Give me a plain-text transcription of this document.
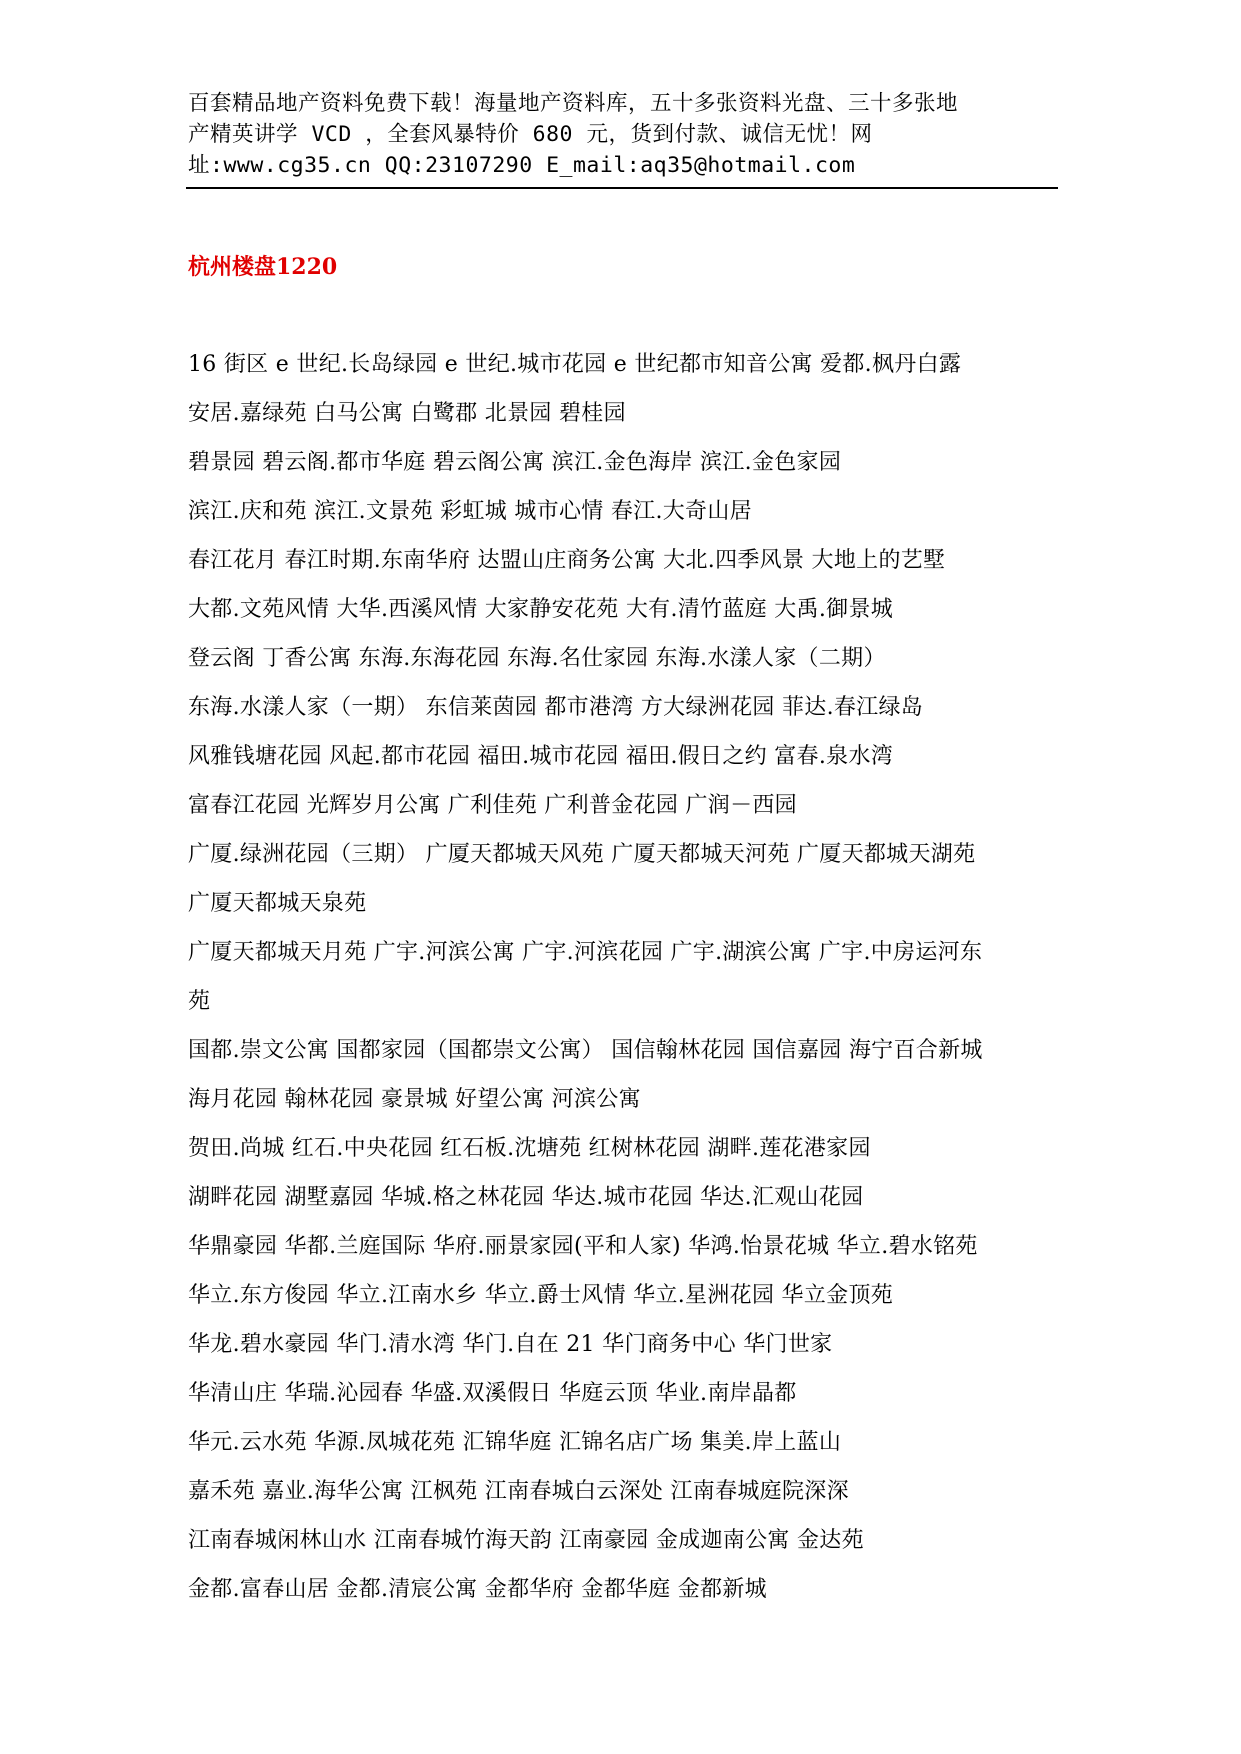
百套精品地产资料免费下载！海量地产资料库，五十多张资料光盘、三十多张地
产精英讲学 VCD ，全套风暴特价 680 元，货到付款、诚信无忧！网
址:www.cg35.cn QQ:23107290 E_mail:aq35@hotmail.com
杭州楼盘1220
16 街区 e 世纪.长岛绿园 e 世纪.城市花园 e 世纪都市知音公寓 爱都.枫丹白露
安居.嘉绿苑 白马公寓 白鹭郡 北景园 碧桂园
碧景园 碧云阁.都市华庭 碧云阁公寓 滨江.金色海岸 滨江.金色家园
滨江.庆和苑 滨江.文景苑 彩虹城 城市心情 春江.大奇山居
春江花月 春江时期.东南华府 达盟山庄商务公寓 大北.四季风景 大地上的艺墅
大都.文苑风情 大华.西溪风情 大家静安花苑 大有.清竹蓝庭 大禹.御景城
登云阁 丁香公寓 东海.东海花园 东海.名仕家园 东海.水漾人家（二期）
东海.水漾人家（一期） 东信莱茵园 都市港湾 方大绿洲花园 菲达.春江绿岛
风雅钱塘花园 风起.都市花园 福田.城市花园 福田.假日之约 富春.泉水湾
富春江花园 光辉岁月公寓 广利佳苑 广利普金花园 广润－西园
广厦.绿洲花园（三期） 广厦天都城天风苑 广厦天都城天河苑 广厦天都城天湖苑
广厦天都城天泉苑
广厦天都城天月苑 广宇.河滨公寓 广宇.河滨花园 广宇.湖滨公寓 广宇.中房运河东
苑
国都.崇文公寓 国都家园（国都崇文公寓） 国信翰林花园 国信嘉园 海宁百合新城
海月花园 翰林花园 豪景城 好望公寓 河滨公寓
贺田.尚城 红石.中央花园 红石板.沈塘苑 红树林花园 湖畔.莲花港家园
湖畔花园 湖墅嘉园 华城.格之林花园 华达.城市花园 华达.汇观山花园
华鼎豪园 华都.兰庭国际 华府.丽景家园(平和人家) 华鸿.怡景花城 华立.碧水铭苑
华立.东方俊园 华立.江南水乡 华立.爵士风情 华立.星洲花园 华立金顶苑
华龙.碧水豪园 华门.清水湾 华门.自在 21 华门商务中心 华门世家
华清山庄 华瑞.沁园春 华盛.双溪假日 华庭云顶 华业.南岸晶都
华元.云水苑 华源.凤城花苑 汇锦华庭 汇锦名店广场 集美.岸上蓝山
嘉禾苑 嘉业.海华公寓 江枫苑 江南春城白云深处 江南春城庭院深深
江南春城闲林山水 江南春城竹海天韵 江南豪园 金成迦南公寓 金达苑
金都.富春山居 金都.清宸公寓 金都华府 金都华庭 金都新城
